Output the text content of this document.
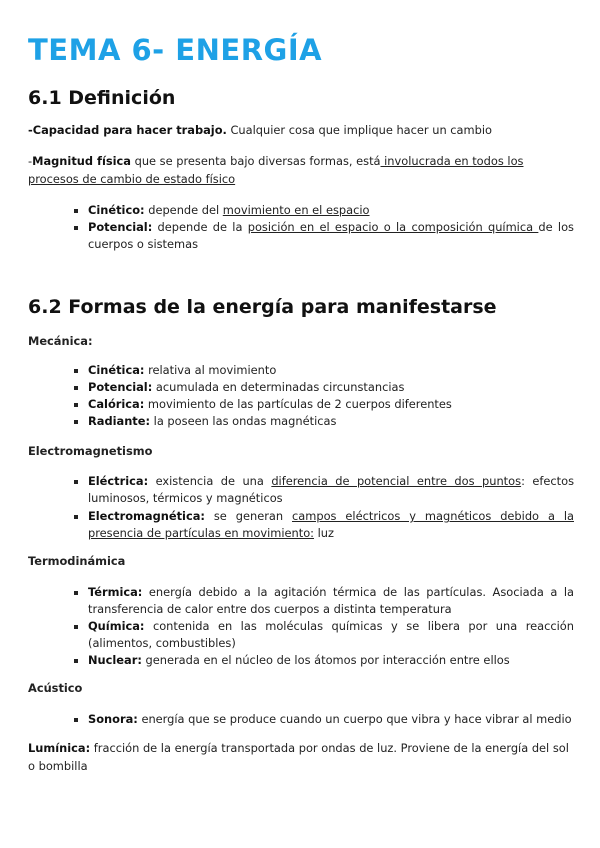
TEMA 6- ENERGÍA
6.1 Definición
-Capacidad para hacer trabajo. Cualquier cosa que implique hacer un cambio
-Magnitud física que se presenta bajo diversas formas, está involucrada en todos los procesos de cambio de estado físico
Cinético: depende del movimiento en el espacio
Potencial: depende de la posición en el espacio o la composición química de los cuerpos o sistemas
6.2 Formas de la energía para manifestarse
Mecánica:
Cinética: relativa al movimiento
Potencial: acumulada en determinadas circunstancias
Calórica: movimiento de las partículas de 2 cuerpos diferentes
Radiante: la poseen las ondas magnéticas
Electromagnetismo
Eléctrica: existencia de una diferencia de potencial entre dos puntos: efectos luminosos, térmicos y magnéticos
Electromagnética: se generan campos eléctricos y magnéticos debido a la presencia de partículas en movimiento: luz
Termodinámica
Térmica: energía debido a la agitación térmica de las partículas. Asociada a la transferencia de calor entre dos cuerpos a distinta temperatura
Química: contenida en las moléculas químicas y se libera por una reacción (alimentos, combustibles)
Nuclear: generada en el núcleo de los átomos por interacción entre ellos
Acústico
Sonora: energía que se produce cuando un cuerpo que vibra y hace vibrar al medio
Lumínica: fracción de la energía transportada por ondas de luz. Proviene de la energía del sol o bombilla
